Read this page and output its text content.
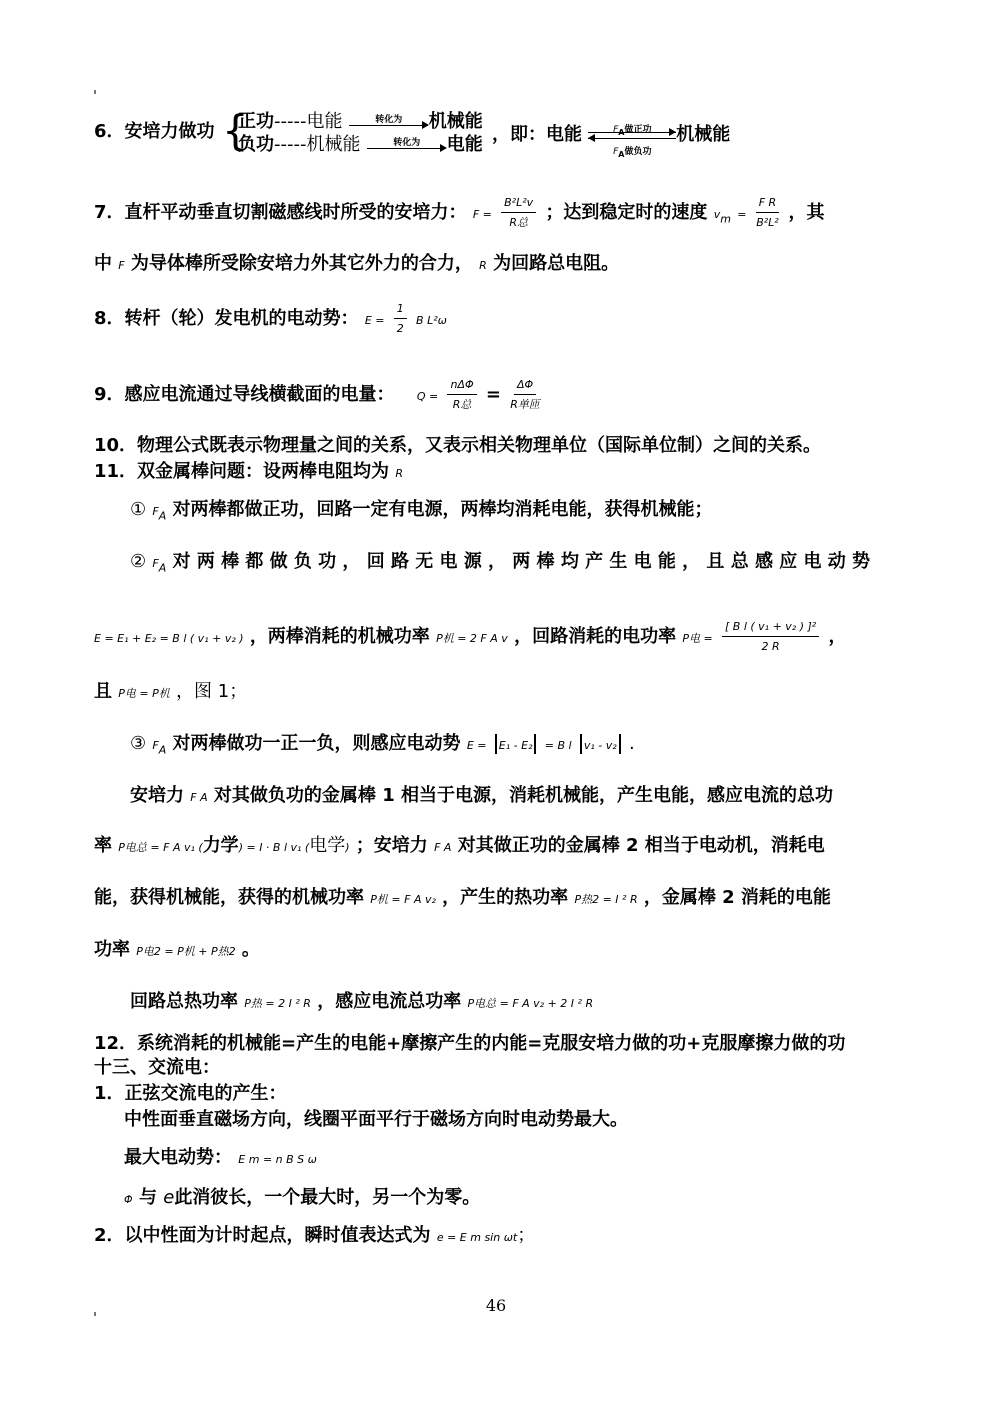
6．安培力做功 {
正功-----电能	转化为	机械能
负功-----机械能	转化为	电能 ，即：电能	$F_A$做正功
$F_A$做负功
机械能
7．直杆平动垂直切割磁感线时所受的安培力： $F = \frac{\text{B²L²v}}{\text{R总}}$ ；达到稳定时的速度 $v_m = \frac{\text{F R}}{\text{B²L²}}$ ，其
中 F 为导体棒所受除安培力外其它外力的合力， R 为回路总电阻。
8．转杆（轮）发电机的电动势： $E = \frac{1}{2}$ B L²ω
9．感应电流通过导线横截面的电量： $Q = \frac{\text{nΔΦ}}{\text{R总}} = \frac{\Delta\Phi}{\text{R单匝}}$
10．物理公式既表示物理量之间的关系，又表示相关物理单位（国际单位制）之间的关系。
11．双金属棒问题：设两棒电阻均为 R
① $F_A$ 对两棒都做正功，回路一定有电源，两棒均消耗电能，获得机械能；
② $F_A$ 对 两 棒 都 做 负 功 ， 回 路 无 电 源 ， 两 棒 均 产 生 电 能 ， 且 总 感 应 电 动 势
E = E₁ + E₂ = B l ( v₁ + v₂ ) ，两棒消耗的机械功率 P机 = 2 F A v ，回路消耗的电功率 P电 = $\frac{\text{[ B l ( v₁ + v₂ ) ]²}}{2 R}$ ，
且 P电 = P机 ，图 1；
③ $F_A$ 对两棒做功一正一负，则感应电动势 E = E₁ - E₂ = B l v₁ - v₂ .
安培力 F A 对其做负功的金属棒 1 相当于电源，消耗机械能，产生电能，感应电流的总功
率 P电总 = F A v₁ (力学) = I · B l v₁ (电学) ；安培力 F A 对其做正功的金属棒 2 相当于电动机，消耗电
能，获得机械能，获得的机械功率 P机 = F A v₂ ，产生的热功率 P热2 = I ² R ，金属棒 2 消耗的电能
功率 P电2 = P机 + P热2 。
回路总热功率 P热 = 2 I ² R ，感应电流总功率 P电总 = F A v₂ + 2 I ² R
12．系统消耗的机械能=产生的电能+摩擦产生的内能=克服安培力做的功+克服摩擦力做的功
十三、交流电：
1．正弦交流电的产生：
中性面垂直磁场方向，线圈平面平行于磁场方向时电动势最大。
最大电动势： E m = n B S ω
Φ 与 e此消彼长，一个最大时，另一个为零。
2．以中性面为计时起点，瞬时值表达式为 e = E m sin ωt；
46
